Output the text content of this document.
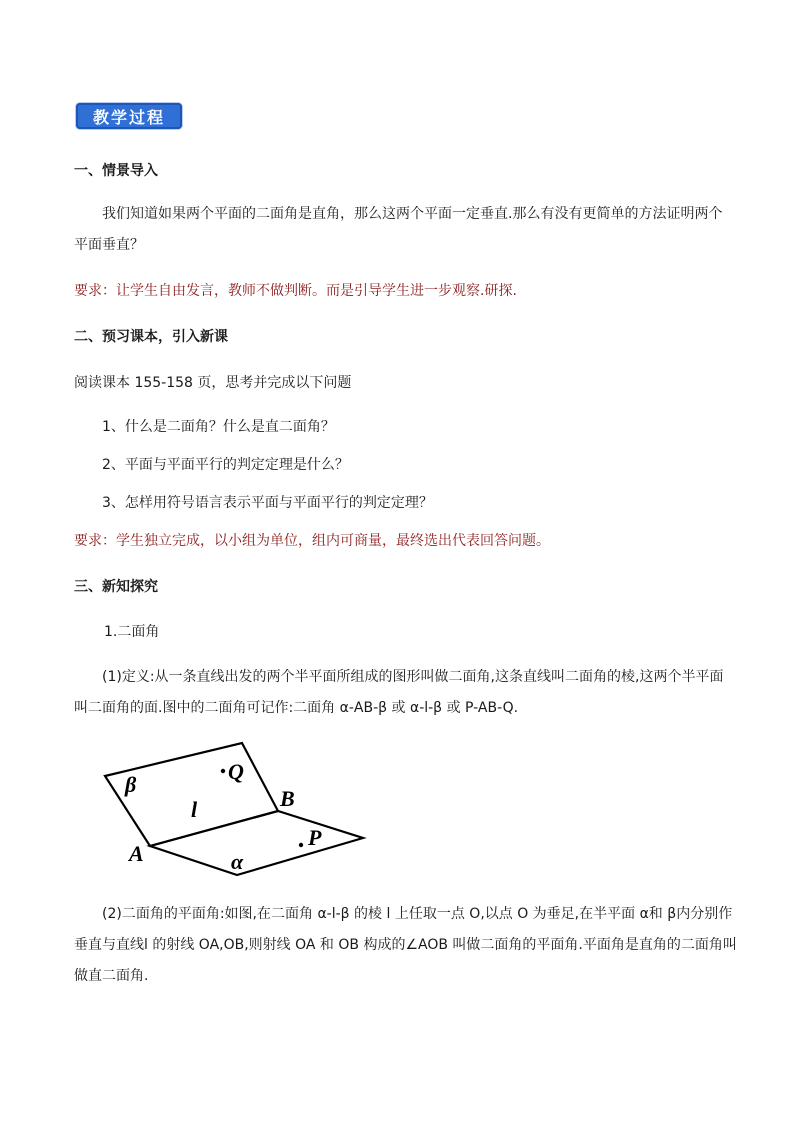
教学过程
一、情景导入
我们知道如果两个平面的二面角是直角，那么这两个平面一定垂直.那么有没有更简单的方法证明两个
平面垂直？
要求：让学生自由发言，教师不做判断。而是引导学生进一步观察.研探.
二、预习课本，引入新课
阅读课本 155-158 页，思考并完成以下问题
1、什么是二面角？什么是直二面角？
2、平面与平面平行的判定定理是什么？
3、怎样用符号语言表示平面与平面平行的判定定理？
要求：学生独立完成，以小组为单位，组内可商量，最终选出代表回答问题。
三、新知探究
1.二面角
(1)定义:从一条直线出发的两个半平面所组成的图形叫做二面角,这条直线叫二面角的棱,这两个半平面
叫二面角的面.图中的二面角可记作:二面角 α-AB-β 或 α-l-β 或 P-AB-Q.
β
Q
l	B
P
A	α
(2)二面角的平面角:如图,在二面角 α-l-β 的棱 l 上任取一点 O,以点 O 为垂足,在半平面 α和 β内分别作
垂直与直线l 的射线 OA,OB,则射线 OA 和 OB 构成的∠AOB 叫做二面角的平面角.平面角是直角的二面角叫
做直二面角.
